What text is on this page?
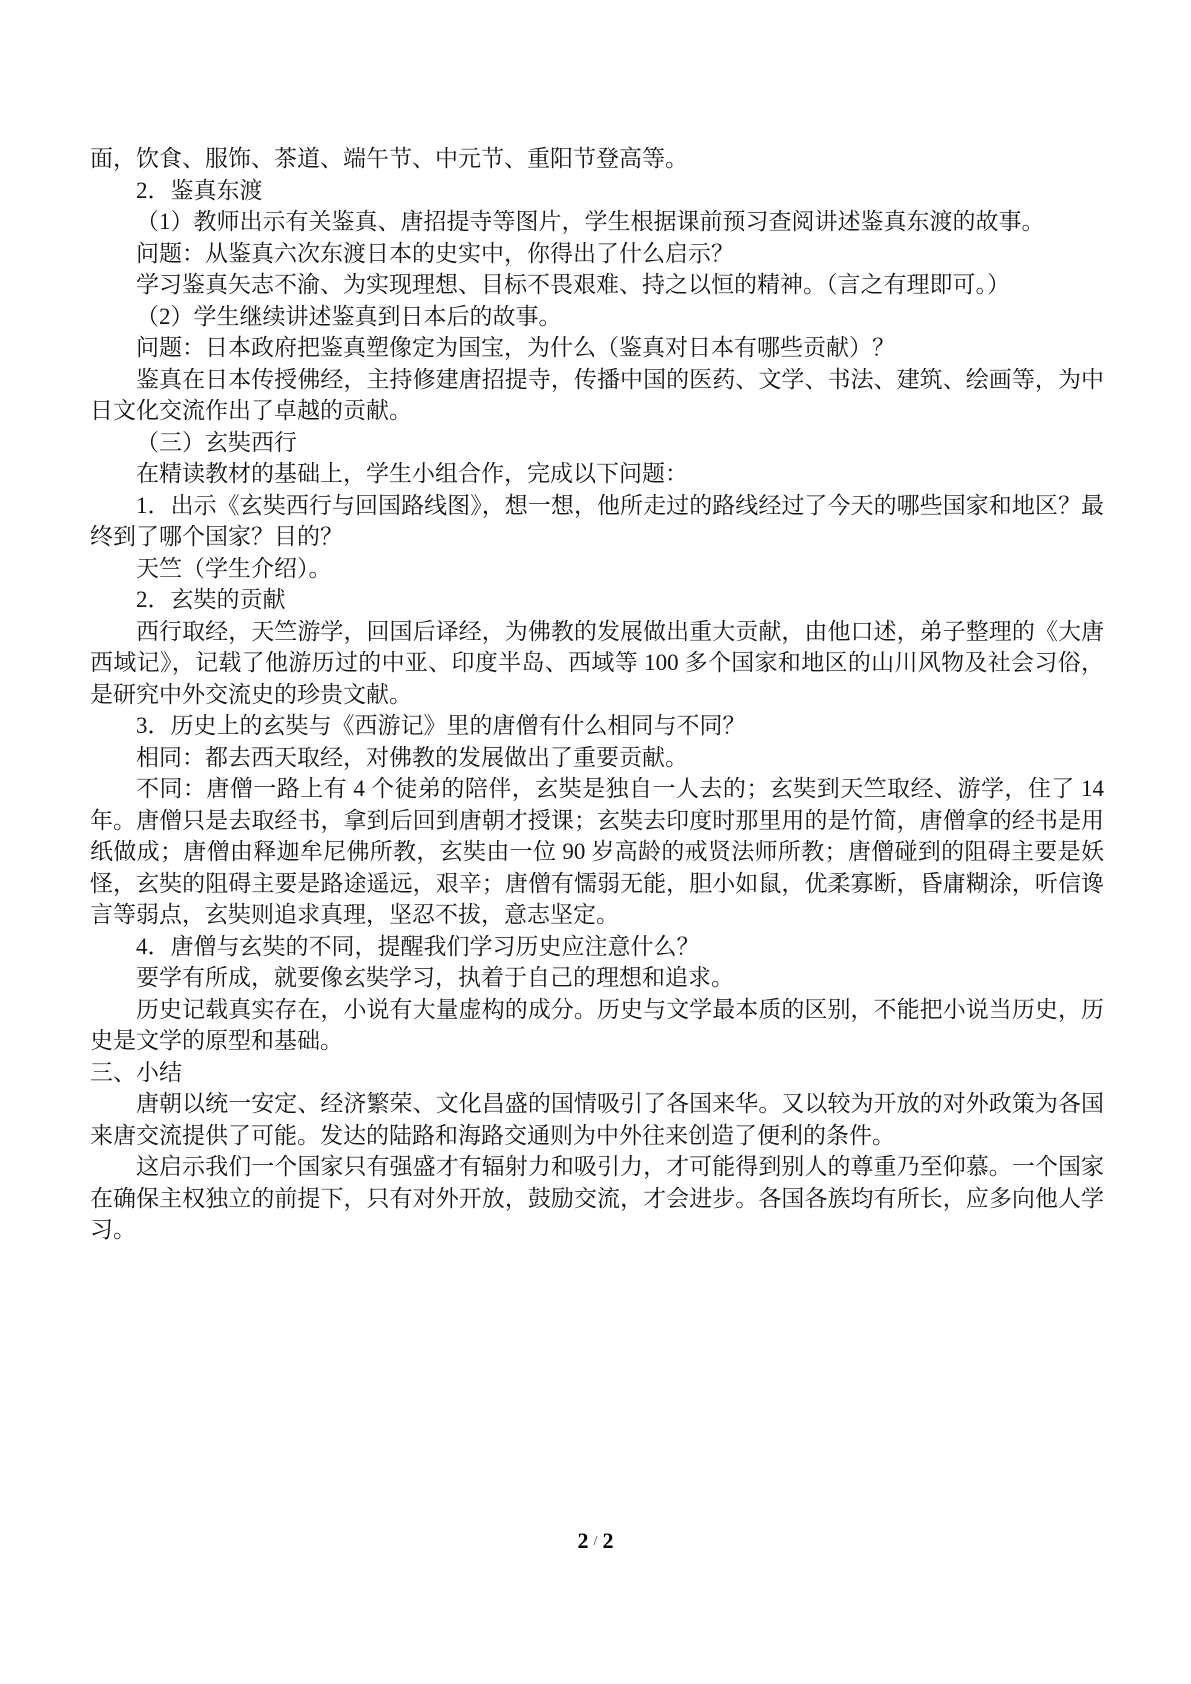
面，饮食、服饰、茶道、端午节、中元节、重阳节登高等。

2．鉴真东渡

（1）教师出示有关鉴真、唐招提寺等图片，学生根据课前预习查阅讲述鉴真东渡的故事。

问题：从鉴真六次东渡日本的史实中，你得出了什么启示？

学习鉴真矢志不渝、为实现理想、目标不畏艰难、持之以恒的精神。（言之有理即可。）

（2）学生继续讲述鉴真到日本后的故事。

问题：日本政府把鉴真塑像定为国宝，为什么（鉴真对日本有哪些贡献）？

鉴真在日本传授佛经，主持修建唐招提寺，传播中国的医药、文学、书法、建筑、绘画等，为中日文化交流作出了卓越的贡献。

（三）玄奘西行

在精读教材的基础上，学生小组合作，完成以下问题：

1．出示《玄奘西行与回国路线图》，想一想，他所走过的路线经过了今天的哪些国家和地区？最终到了哪个国家？目的？

天竺（学生介绍）。

2．玄奘的贡献

西行取经，天竺游学，回国后译经，为佛教的发展做出重大贡献，由他口述，弟子整理的《大唐西域记》，记载了他游历过的中亚、印度半岛、西域等 100 多个国家和地区的山川风物及社会习俗，是研究中外交流史的珍贵文献。

3．历史上的玄奘与《西游记》里的唐僧有什么相同与不同？

相同：都去西天取经，对佛教的发展做出了重要贡献。

不同：唐僧一路上有 4 个徒弟的陪伴，玄奘是独自一人去的；玄奘到天竺取经、游学，住了 14 年。唐僧只是去取经书，拿到后回到唐朝才授课；玄奘去印度时那里用的是竹简，唐僧拿的经书是用纸做成；唐僧由释迦牟尼佛所教，玄奘由一位 90 岁高龄的戒贤法师所教；唐僧碰到的阻碍主要是妖怪，玄奘的阻碍主要是路途遥远，艰辛；唐僧有懦弱无能，胆小如鼠，优柔寡断，昏庸糊涂，听信谗言等弱点，玄奘则追求真理，坚忍不拔，意志坚定。

4．唐僧与玄奘的不同，提醒我们学习历史应注意什么？

要学有所成，就要像玄奘学习，执着于自己的理想和追求。

历史记载真实存在，小说有大量虚构的成分。历史与文学最本质的区别，不能把小说当历史，历史是文学的原型和基础。

三、小结

唐朝以统一安定、经济繁荣、文化昌盛的国情吸引了各国来华。又以较为开放的对外政策为各国来唐交流提供了可能。发达的陆路和海路交通则为中外往来创造了便利的条件。

这启示我们一个国家只有强盛才有辐射力和吸引力，才可能得到别人的尊重乃至仰慕。一个国家在确保主权独立的前提下，只有对外开放，鼓励交流，才会进步。各国各族均有所长，应多向他人学习。

2 / 2
